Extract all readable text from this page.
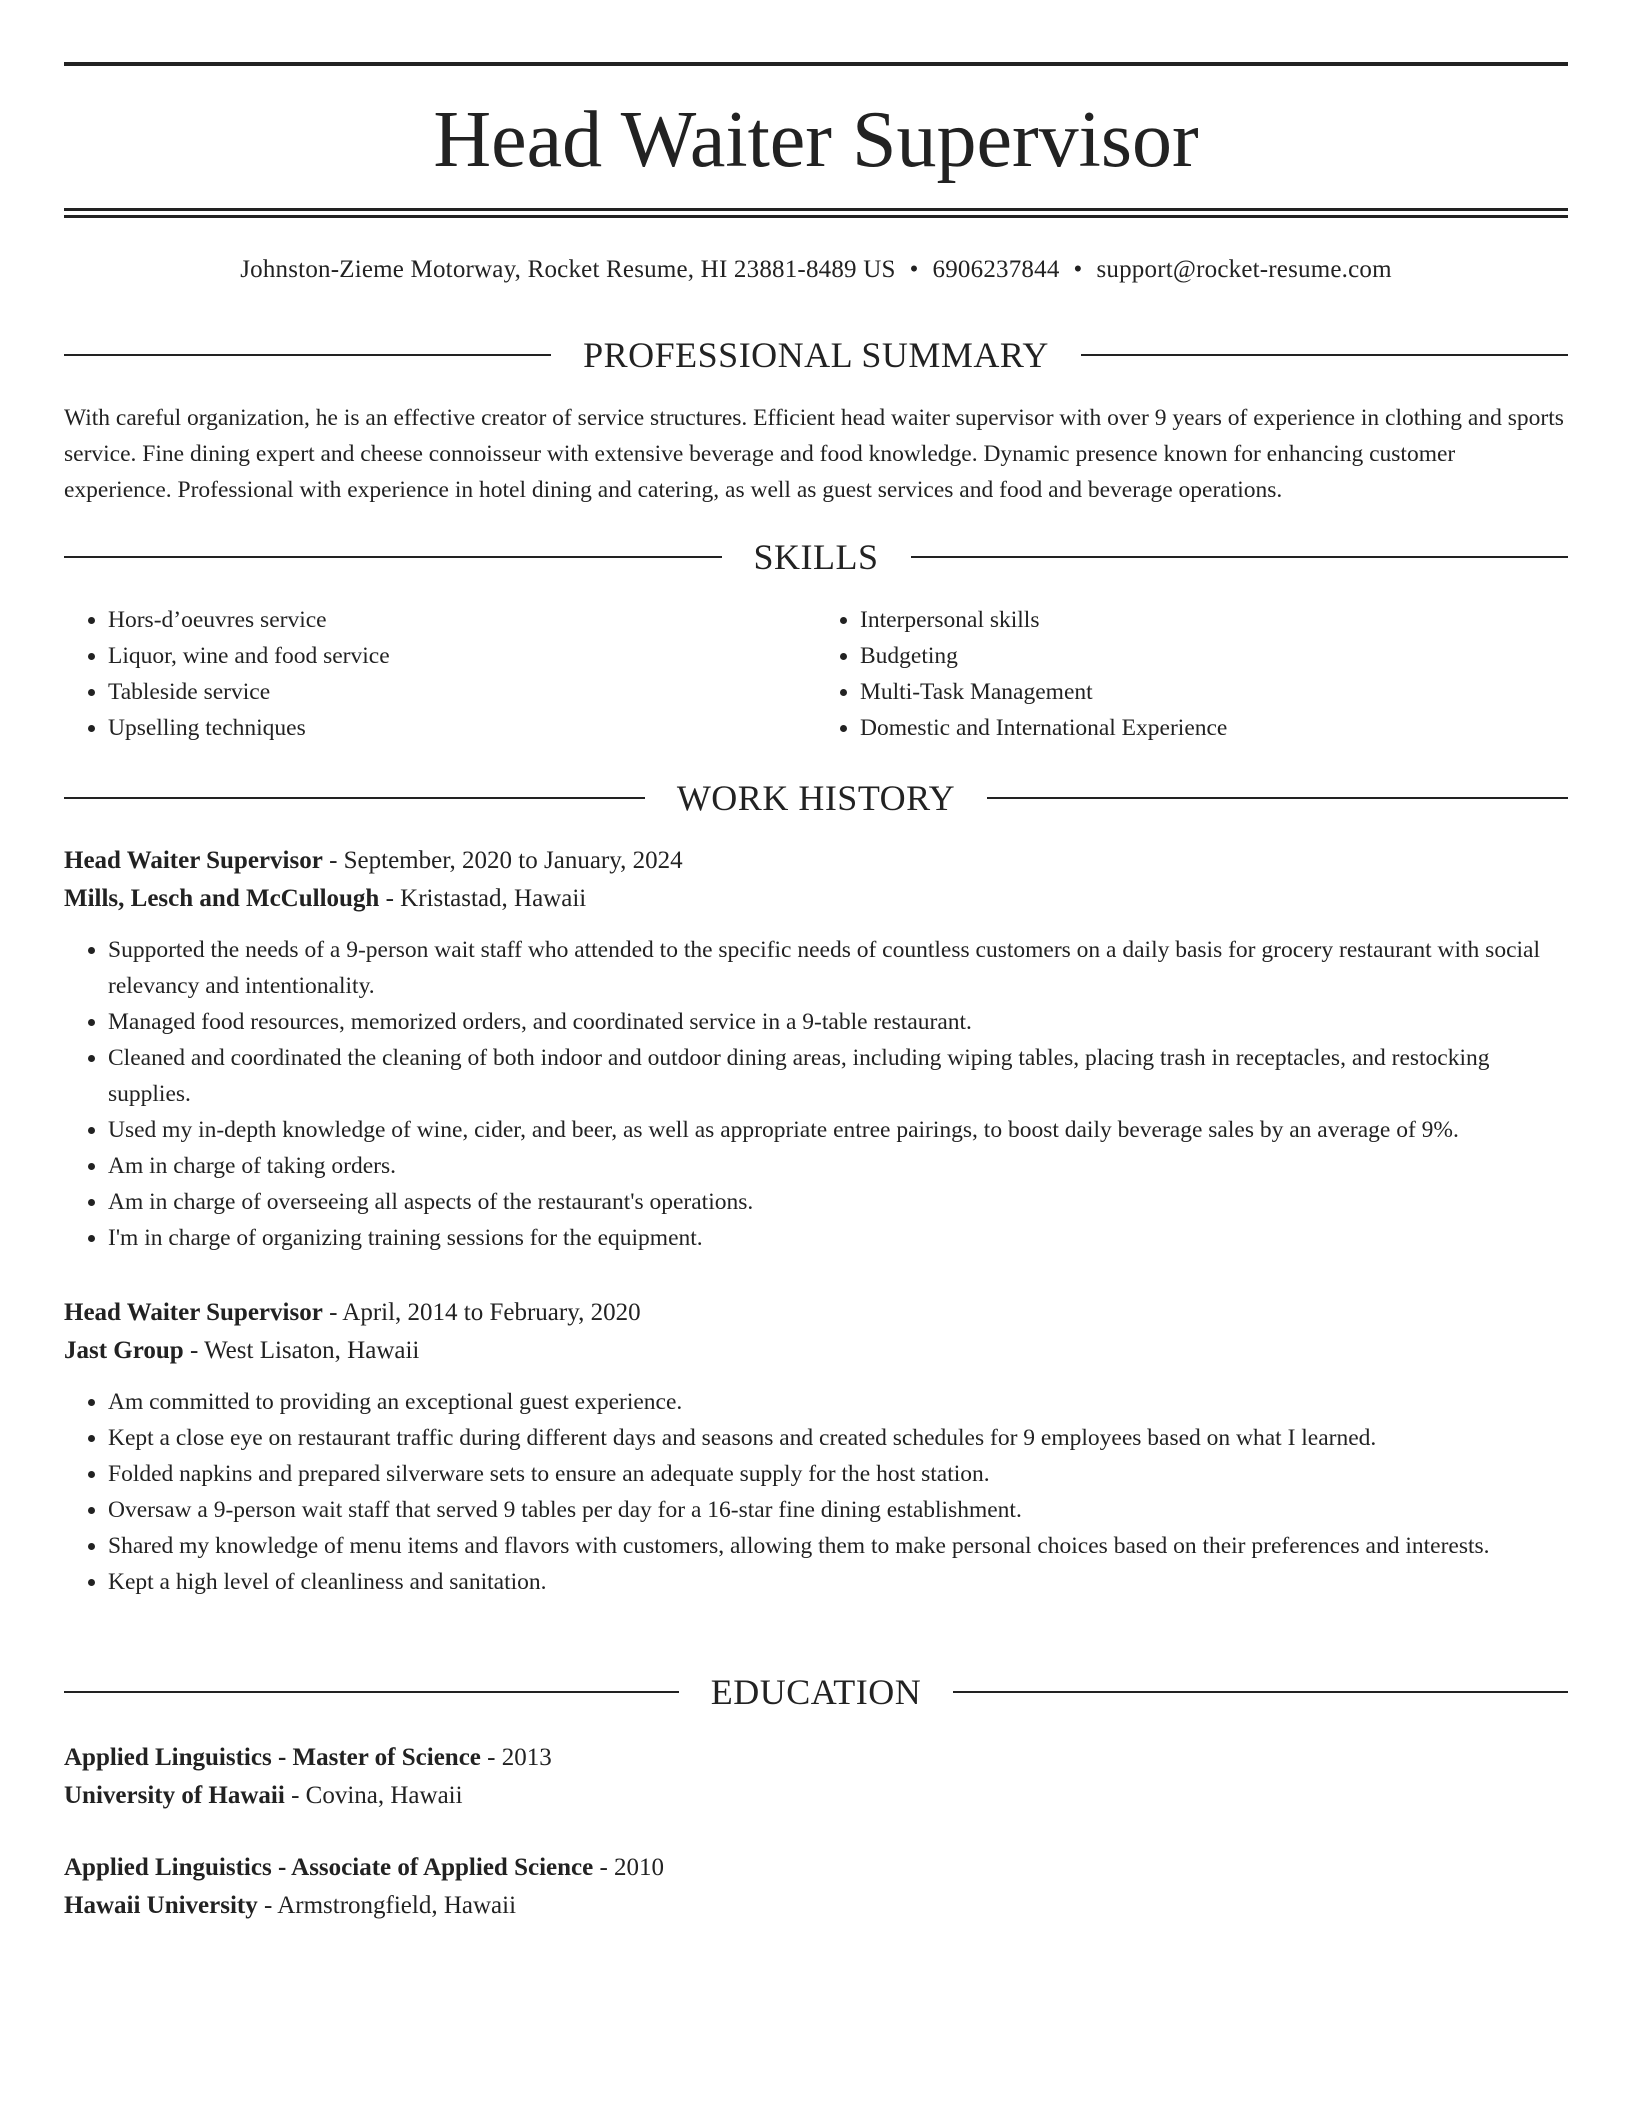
Head Waiter Supervisor
Johnston-Zieme Motorway, Rocket Resume, HI 23881-8489 US • 6906237844 • support@rocket-resume.com
PROFESSIONAL SUMMARY

With careful organization, he is an effective creator of service structures. Efficient head waiter supervisor with over 9 years of experience in clothing and sports service. Fine dining expert and cheese connoisseur with extensive beverage and food knowledge. Dynamic presence known for enhancing customer experience. Professional with experience in hotel dining and catering, as well as guest services and food and beverage operations.

SKILLS
• Hors-d’oeuvres service
• Liquor, wine and food service
• Tableside service
• Upselling techniques
• Interpersonal skills
• Budgeting
• Multi-Task Management
• Domestic and International Experience
WORK HISTORY
Head Waiter Supervisor - September, 2020 to January, 2024
Mills, Lesch and McCullough - Kristastad, Hawaii
• Supported the needs of a 9-person wait staff who attended to the specific needs of countless customers on a daily basis for grocery restaurant with social relevancy and intentionality.
• Managed food resources, memorized orders, and coordinated service in a 9-table restaurant.
• Cleaned and coordinated the cleaning of both indoor and outdoor dining areas, including wiping tables, placing trash in receptacles, and restocking supplies.
• Used my in-depth knowledge of wine, cider, and beer, as well as appropriate entree pairings, to boost daily beverage sales by an average of 9%.
• Am in charge of taking orders.
• Am in charge of overseeing all aspects of the restaurant's operations.
• I'm in charge of organizing training sessions for the equipment.
Head Waiter Supervisor - April, 2014 to February, 2020
Jast Group - West Lisaton, Hawaii
• Am committed to providing an exceptional guest experience.
• Kept a close eye on restaurant traffic during different days and seasons and created schedules for 9 employees based on what I learned.
• Folded napkins and prepared silverware sets to ensure an adequate supply for the host station.
• Oversaw a 9-person wait staff that served 9 tables per day for a 16-star fine dining establishment.
• Shared my knowledge of menu items and flavors with customers, allowing them to make personal choices based on their preferences and interests.
• Kept a high level of cleanliness and sanitation.
EDUCATION
Applied Linguistics - Master of Science - 2013
University of Hawaii - Covina, Hawaii
Applied Linguistics - Associate of Applied Science - 2010
Hawaii University - Armstrongfield, Hawaii
